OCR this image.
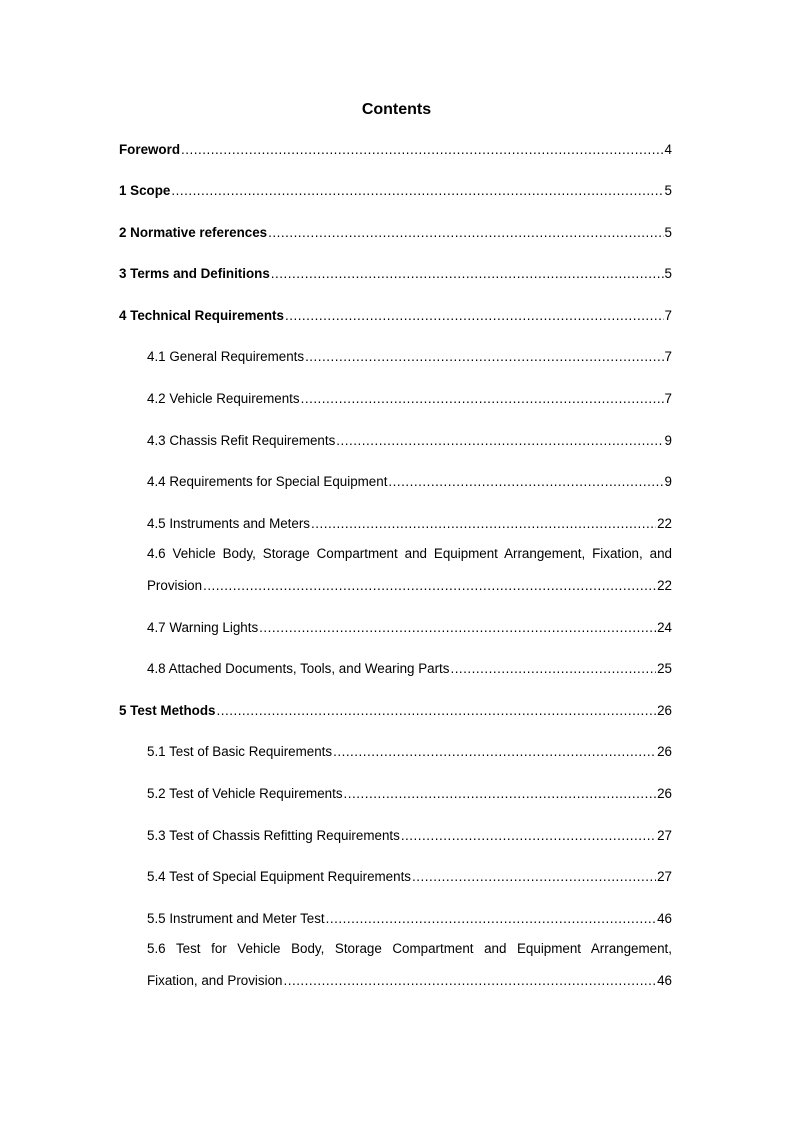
Contents
Foreword . . .	4
1 Scope . . .	5
2 Normative references . . .	5
3 Terms and Definitions . . .	5
4 Technical Requirements . . .	7
4.1 General Requirements . . .	7
4.2 Vehicle Requirements . . .	7
4.3 Chassis Refit Requirements . . .	9
4.4 Requirements for Special Equipment . . .	9
4.5 Instruments and Meters . . .	22
4.6 Vehicle Body, Storage Compartment and Equipment Arrangement, Fixation, and
Provision . . .	22
4.7 Warning Lights . . .	24
4.8 Attached Documents, Tools, and Wearing Parts . . .	25
5 Test Methods . . .	26
5.1 Test of Basic Requirements . . .	26
5.2 Test of Vehicle Requirements . . .	26
5.3 Test of Chassis Refitting Requirements . . .	27
5.4 Test of Special Equipment Requirements . . .	27
5.5 Instrument and Meter Test . . .	46
5.6 Test for Vehicle Body, Storage Compartment and Equipment Arrangement,
Fixation, and Provision . . .	46
